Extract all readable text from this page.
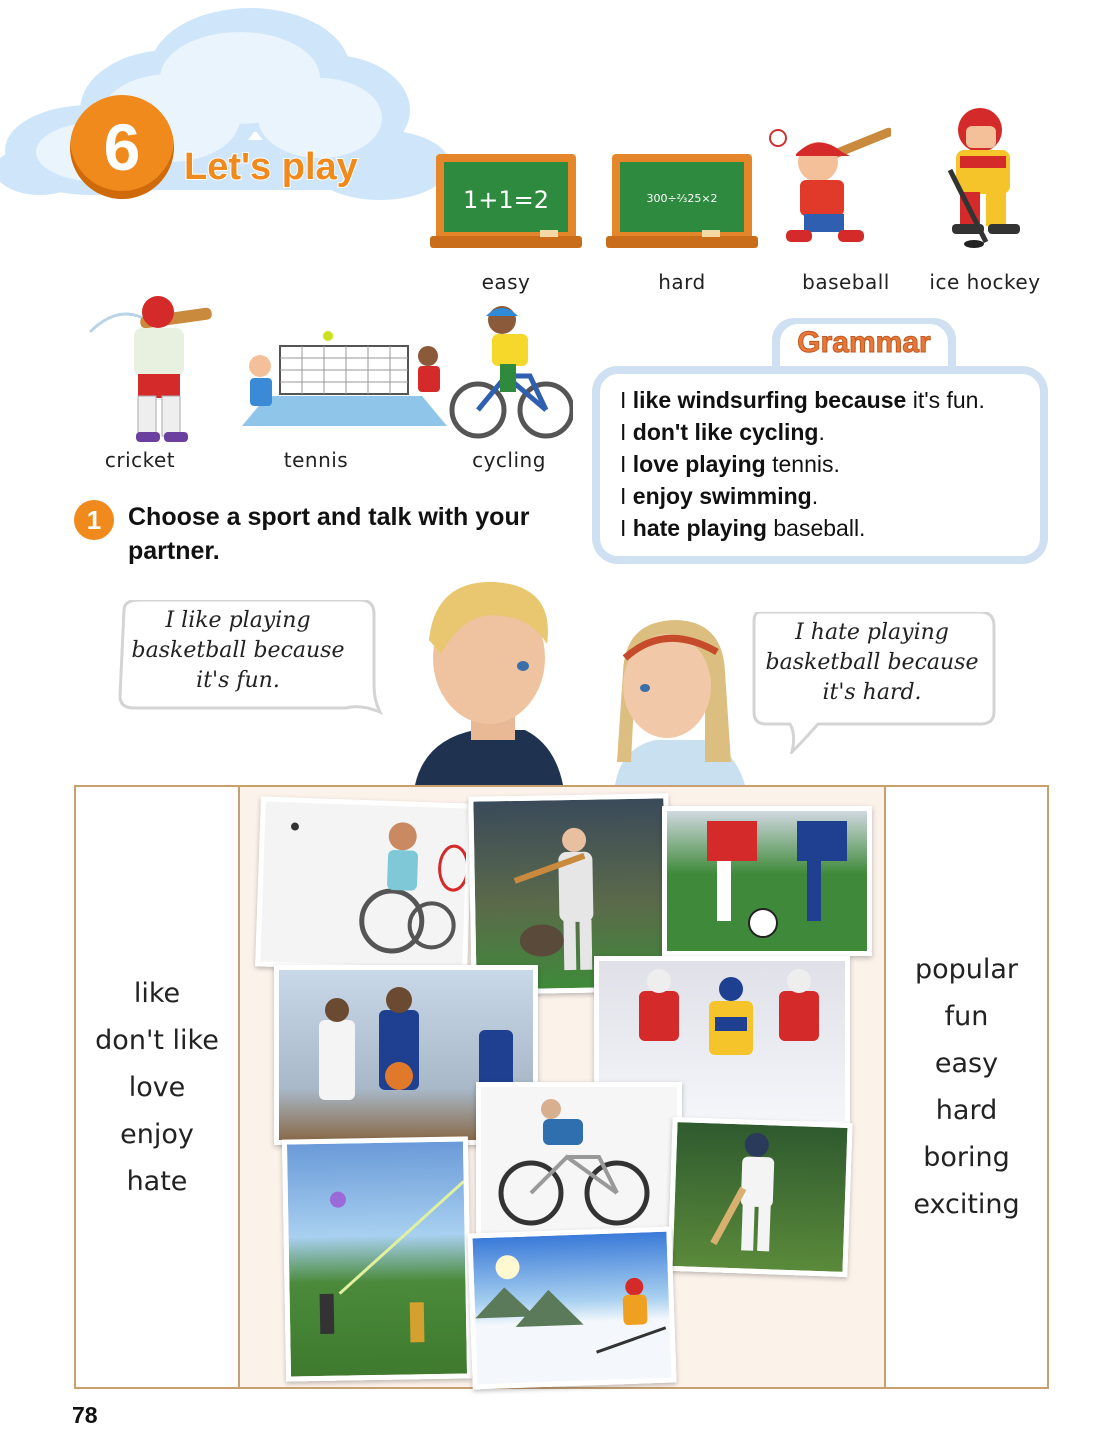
6	Let's play
1+1=2	300÷⅔25×2
easy	hard	baseball	ice hockey
cricket	tennis	cycling
Grammar
I like windsurfing because it's fun.
I don't like cycling.
I love playing tennis.
I enjoy swimming.
I hate playing baseball.
1	Choose a sport and talk with your partner.
I like playing
basketball because
it's fun.
I hate playing
basketball because
it's hard.
like
don't like
love
enjoy
hate
popular
fun
easy
hard
boring
exciting
78
